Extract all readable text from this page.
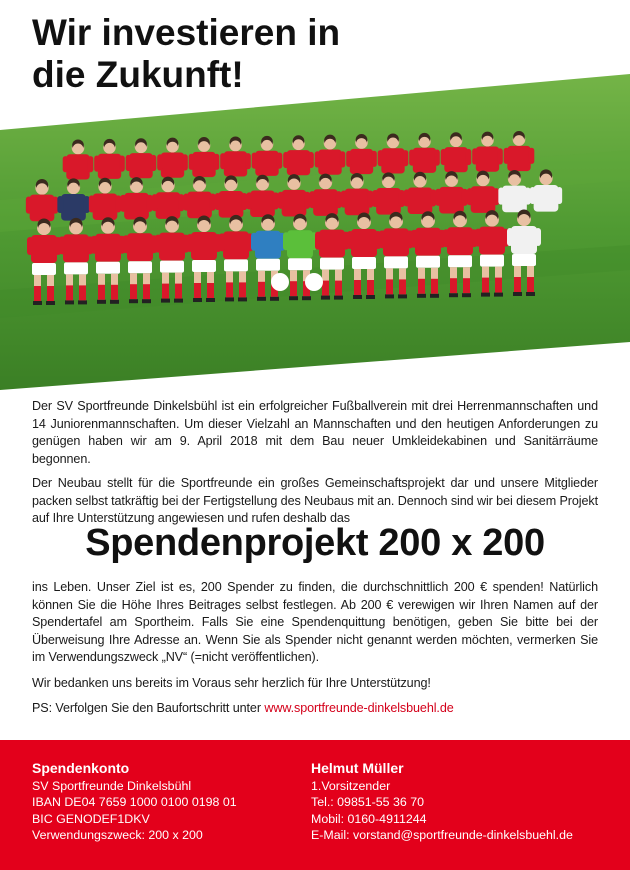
Wir investieren in
die Zukunft!

Der SV Sportfreunde Dinkelsbühl ist ein erfolgreicher Fußballverein mit drei Herrenmannschaften und 14 Juniorenmannschaften. Um dieser Vielzahl an Mannschaften und den heutigen Anforderungen zu genügen haben wir am 9. April 2018 mit dem Bau neuer Umkleidekabinen und Sanitärräume begonnen.

Der Neubau stellt für die Sportfreunde ein großes Gemeinschaftsprojekt dar und unsere Mitglieder packen selbst tatkräftig bei der Fertigstellung des Neubaus mit an. Dennoch sind wir bei diesem Projekt auf Ihre Unterstützung angewiesen und rufen deshalb das

Spendenprojekt 200 x 200

ins Leben. Unser Ziel ist es, 200 Spender zu finden, die durchschnittlich 200 € spenden! Natürlich können Sie die Höhe Ihres Beitrages selbst festlegen. Ab 200 € verewigen wir Ihren Namen auf der Spendertafel am Sportheim. Falls Sie eine Spendenquittung benötigen, geben Sie bitte bei der Überweisung Ihre Adresse an. Wenn Sie als Spender nicht genannt werden möchten, vermerken Sie im Verwendungszweck „NV“ (=nicht veröffentlichen).

Wir bedanken uns bereits im Voraus sehr herzlich für Ihre Unterstützung!

PS: Verfolgen Sie den Baufortschritt unter www.sportfreunde-dinkelsbuehl.de

Spendenkonto
SV Sportfreunde Dinkelsbühl
IBAN DE04 7659 1000 0100 0198 01
BIC GENODEF1DKV
Verwendungszweck: 200 x 200
Helmut Müller
1.Vorsitzender
Tel.: 09851-55 36 70
Mobil: 0160-4911244
E-Mail: vorstand@sportfreunde-dinkelsbuehl.de
